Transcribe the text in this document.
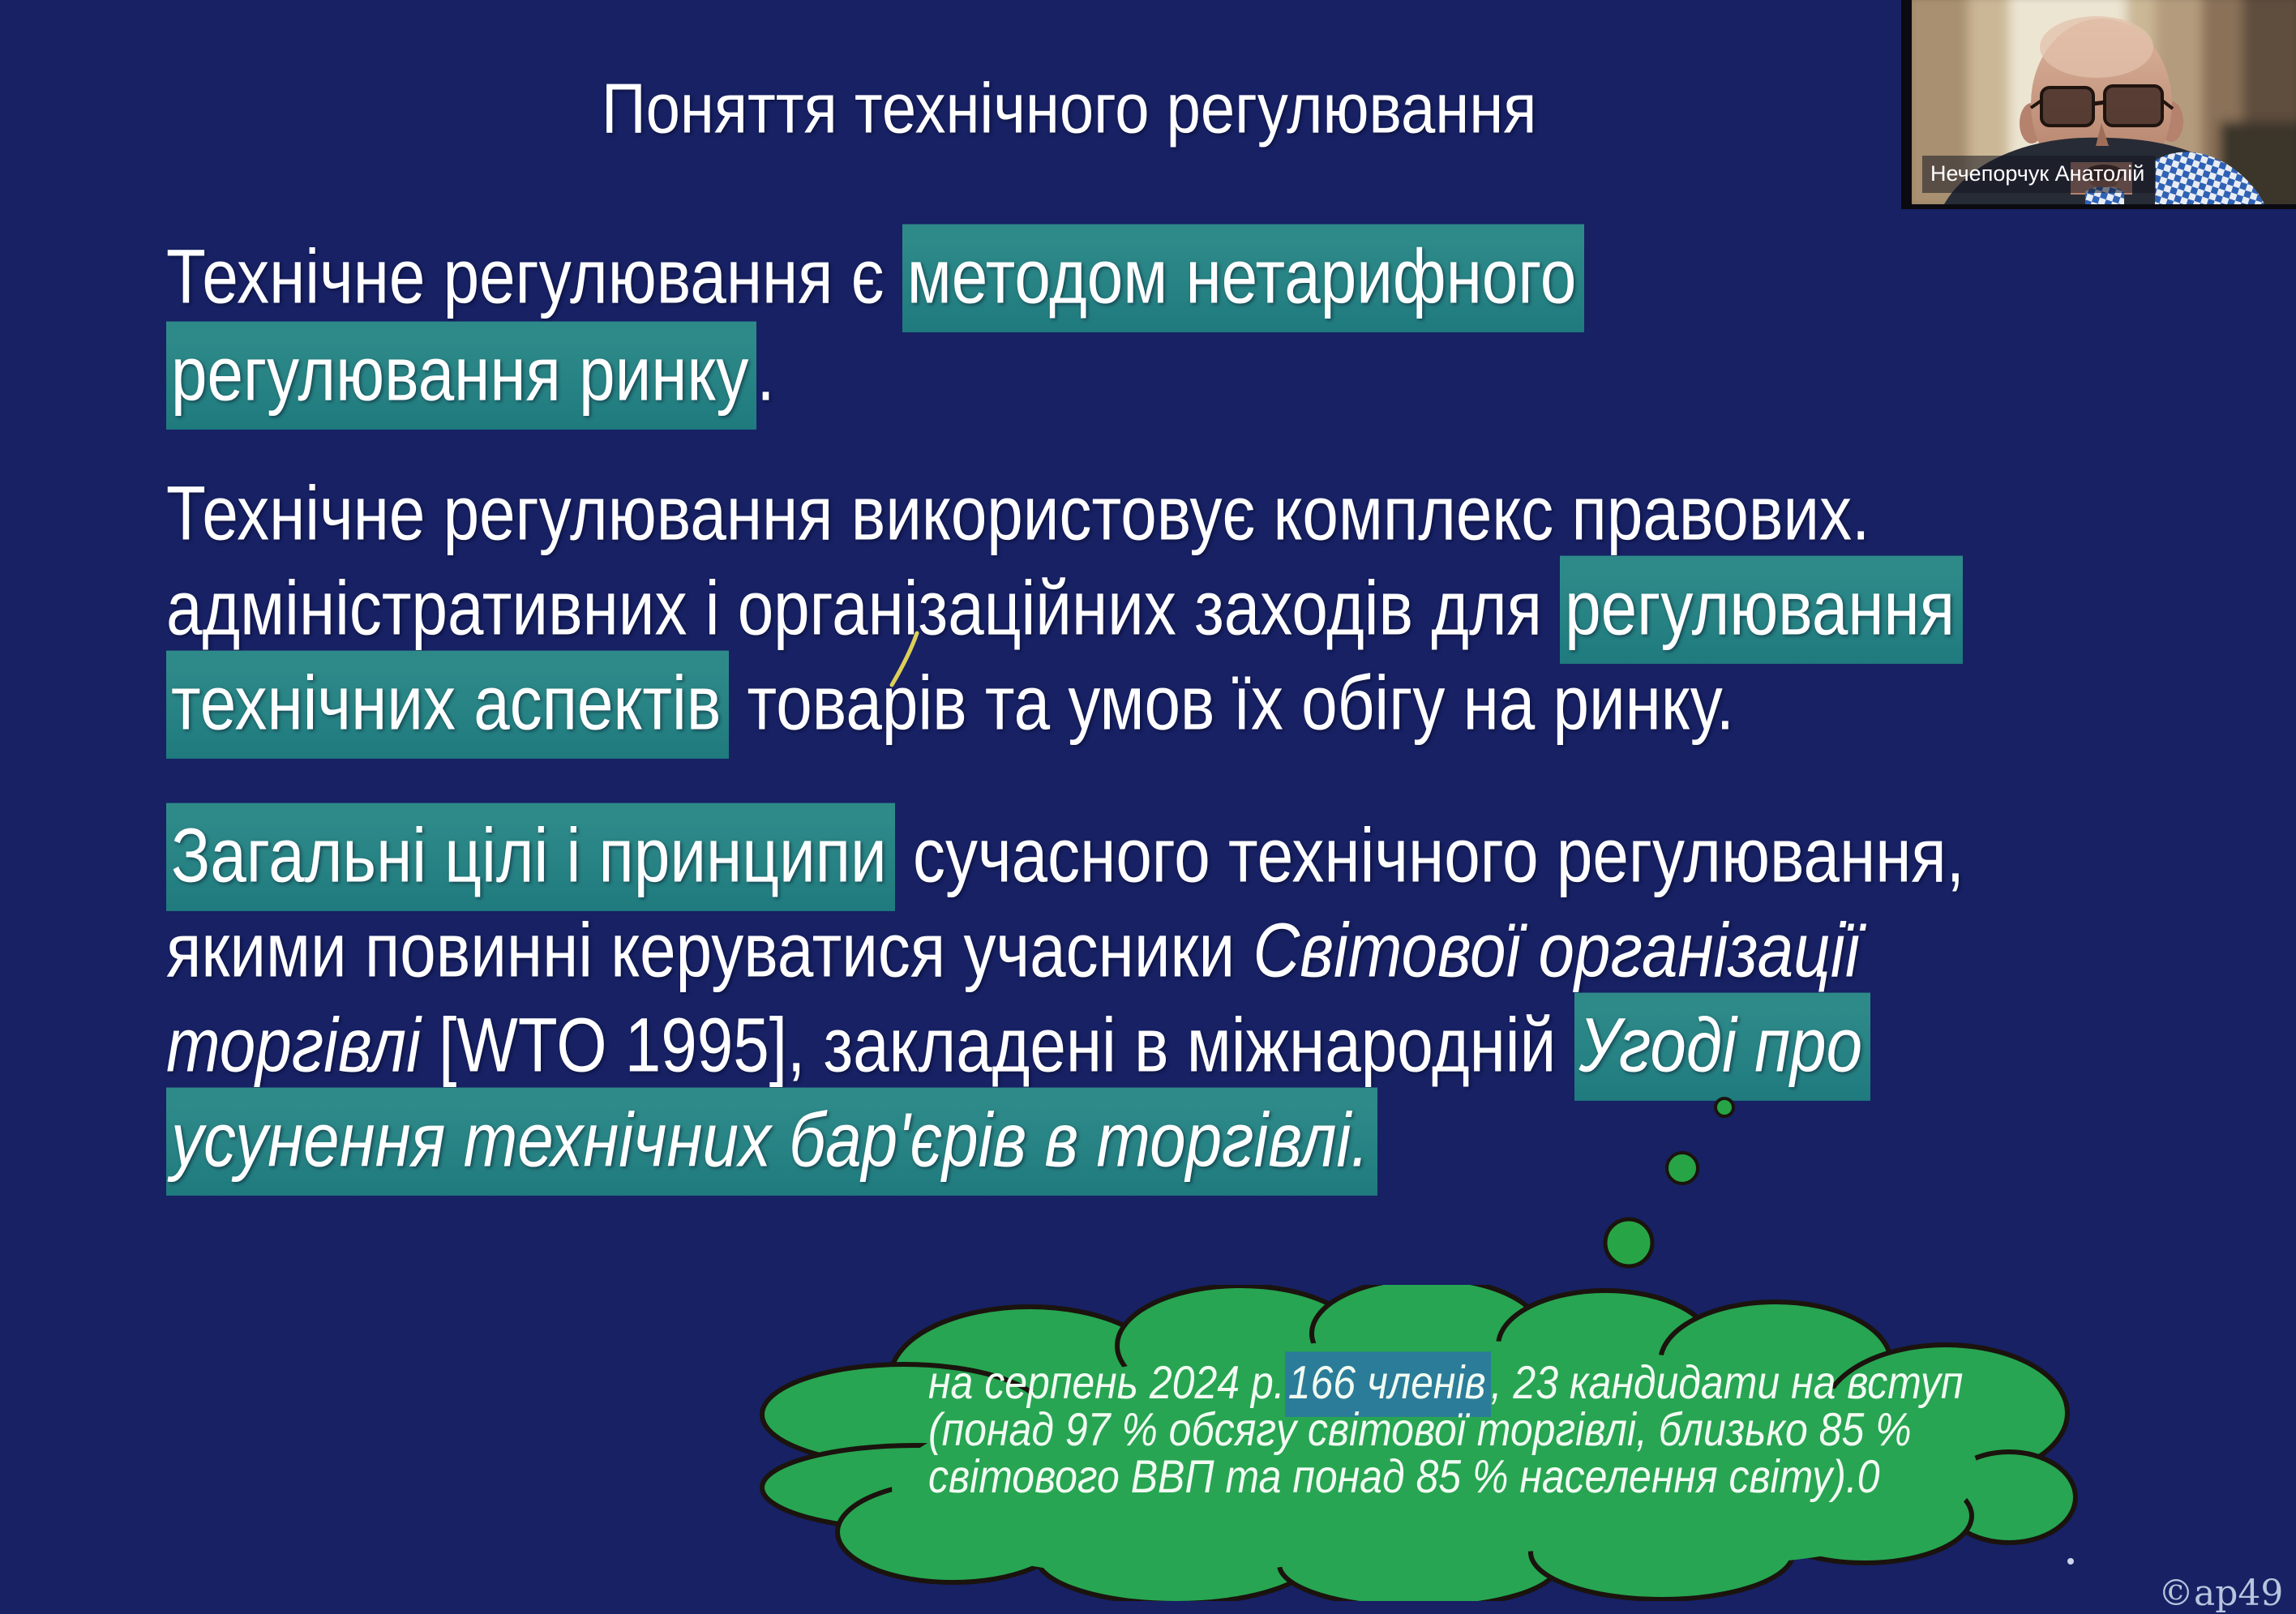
Поняття технічного регулювання
Технічне регулювання є методом нетарифного
регулювання ринку .
Технічне регулювання використовує комплекс правових.
адміністративних і організаційних заходів для регулювання
технічних аспектів товарів та умов їх обігу на ринку.
Загальні цілі і принципи сучасного технічного регулювання,
якими повинні керуватися учасники Світової організації
торгівлі [WTO 1995], закладені в міжнародній Угоді про
усунення технічних бар'єрів в торгівлі.
на серпень 2024 р.166 членів , 23 кандидати на вступ
(понад 97 % обсягу світової торгівлі, близько 85 %
світового ВВП та понад 85 % населення світу).0
Нечепорчук Анатолій
©ap49
